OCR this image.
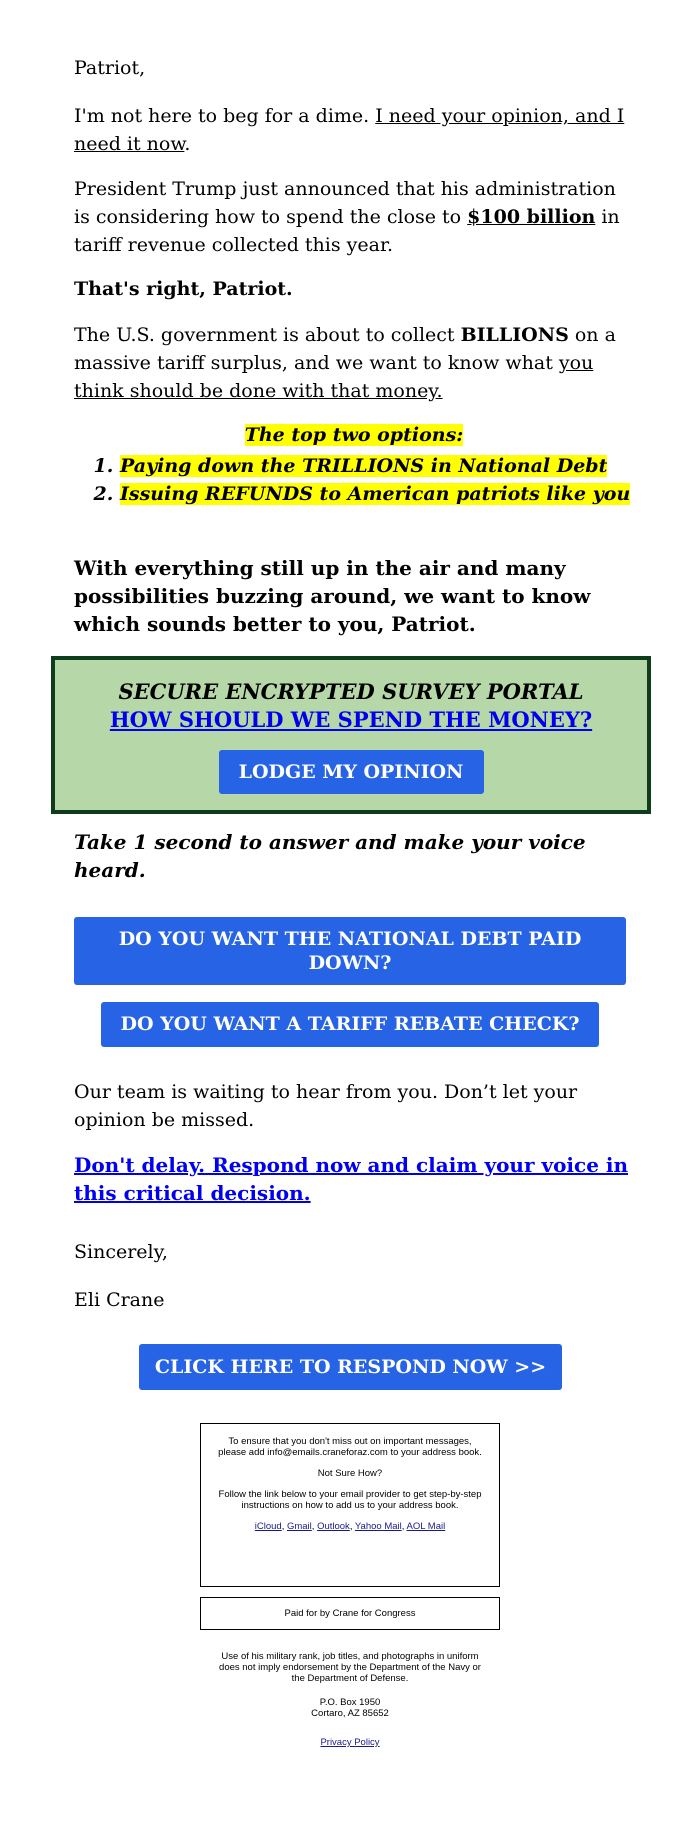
Patriot,
I'm not here to beg for a dime. I need your opinion, and I need it now.
President Trump just announced that his administration is considering how to spend the close to $100 billion in tariff revenue collected this year.
That's right, Patriot.
The U.S. government is about to collect BILLIONS on a massive tariff surplus, and we want to know what you think should be done with that money.
The top two options:
1. Paying down the TRILLIONS in National Debt
2. Issuing REFUNDS to American patriots like you
With everything still up in the air and many possibilities buzzing around, we want to know which sounds better to you, Patriot.
SECURE ENCRYPTED SURVEY PORTAL
HOW SHOULD WE SPEND THE MONEY?
LODGE MY OPINION
Take 1 second to answer and make your voice heard.
DO YOU WANT THE NATIONAL DEBT PAID DOWN?
DO YOU WANT A TARIFF REBATE CHECK?
Our team is waiting to hear from you. Don’t let your opinion be missed.
Don't delay. Respond now and claim your voice in this critical decision.
Sincerely,
Eli Crane
CLICK HERE TO RESPOND NOW >>
To ensure that you don't miss out on important messages, please add info@emails.craneforaz.com to your address book.
Not Sure How?
Follow the link below to your email provider to get step-by-step instructions on how to add us to your address book.
iCloud, Gmail, Outlook, Yahoo Mail, AOL Mail
Paid for by Crane for Congress
Use of his military rank, job titles, and photographs in uniform does not imply endorsement by the Department of the Navy or the Department of Defense.
P.O. Box 1950
Cortaro, AZ 85652
Privacy Policy
